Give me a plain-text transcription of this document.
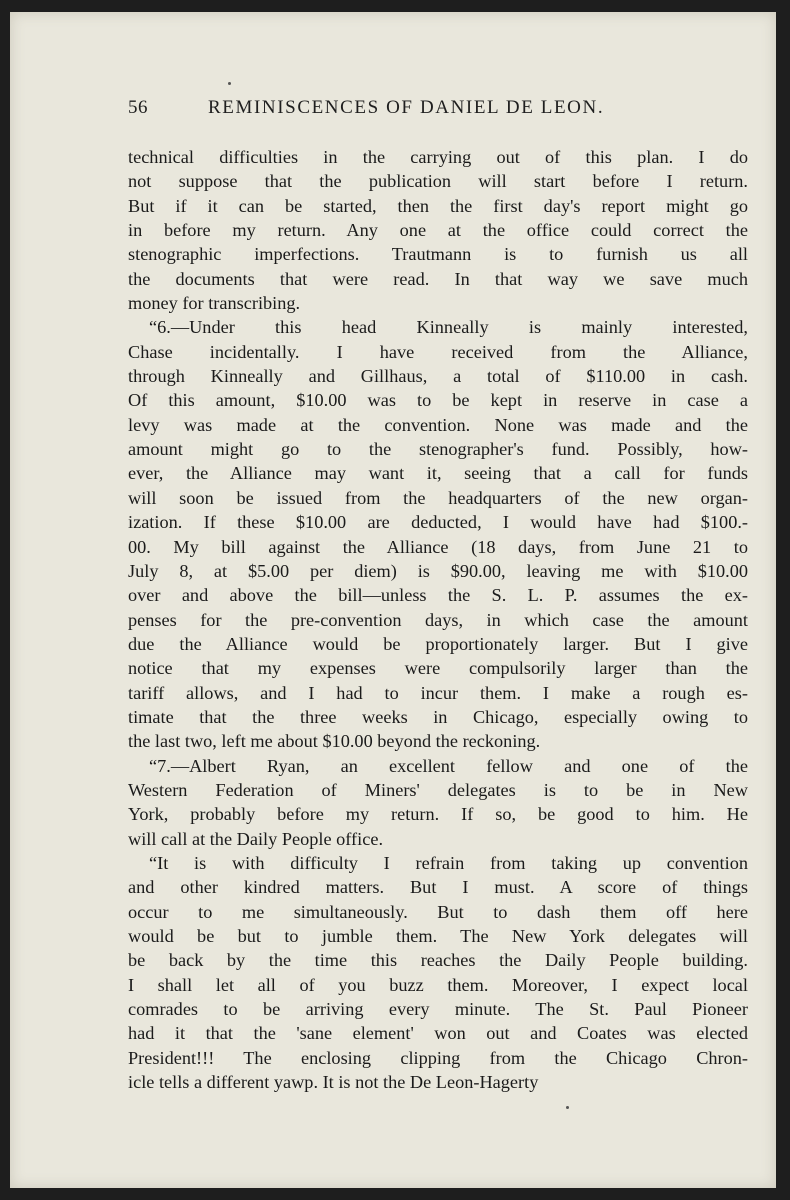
56	REMINISCENCES OF DANIEL DE LEON.
technical difficulties in the carrying out of this plan. I do
not suppose that the publication will start before I return.
But if it can be started, then the first day's report might go
in before my return. Any one at the office could correct the
stenographic imperfections. Trautmann is to furnish us all
the documents that were read. In that way we save much
money for transcribing.
“6.—Under this head Kinneally is mainly interested,
Chase incidentally. I have received from the Alliance,
through Kinneally and Gillhaus, a total of $110.00 in cash.
Of this amount, $10.00 was to be kept in reserve in case a
levy was made at the convention. None was made and the
amount might go to the stenographer's fund. Possibly, how-
ever, the Alliance may want it, seeing that a call for funds
will soon be issued from the headquarters of the new organ-
ization. If these $10.00 are deducted, I would have had $100.-
00. My bill against the Alliance (18 days, from June 21 to
July 8, at $5.00 per diem) is $90.00, leaving me with $10.00
over and above the bill—unless the S. L. P. assumes the ex-
penses for the pre-convention days, in which case the amount
due the Alliance would be proportionately larger. But I give
notice that my expenses were compulsorily larger than the
tariff allows, and I had to incur them. I make a rough es-
timate that the three weeks in Chicago, especially owing to
the last two, left me about $10.00 beyond the reckoning.
“7.—Albert Ryan, an excellent fellow and one of the
Western Federation of Miners' delegates is to be in New
York, probably before my return. If so, be good to him. He
will call at the Daily People office.
“It is with difficulty I refrain from taking up convention
and other kindred matters. But I must. A score of things
occur to me simultaneously. But to dash them off here
would be but to jumble them. The New York delegates will
be back by the time this reaches the Daily People building.
I shall let all of you buzz them. Moreover, I expect local
comrades to be arriving every minute. The St. Paul Pioneer
had it that the 'sane element' won out and Coates was elected
President!!! The enclosing clipping from the Chicago Chron-
icle tells a different yawp. It is not the De Leon-Hagerty
